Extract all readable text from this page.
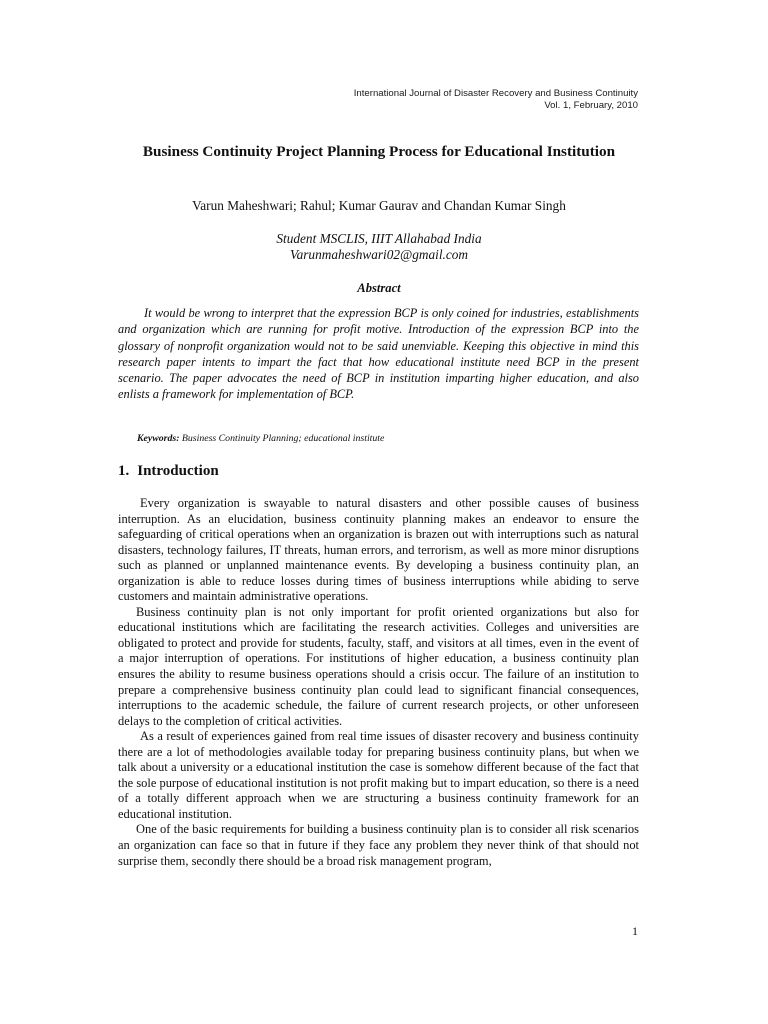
International Journal of Disaster Recovery and Business Continuity
Vol. 1, February, 2010
Business Continuity Project Planning Process for Educational Institution
Varun Maheshwari; Rahul; Kumar Gaurav and Chandan Kumar Singh
Student MSCLIS, IIIT Allahabad India
Varunmaheshwari02@gmail.com
Abstract
It would be wrong to interpret that the expression BCP is only coined for industries, establishments and organization which are running for profit motive. Introduction of the expression BCP into the glossary of nonprofit organization would not to be said unenviable. Keeping this objective in mind this research paper intents to impart the fact that how educational institute need BCP in the present scenario. The paper advocates the need of BCP in institution imparting higher education, and also enlists a framework for implementation of BCP.
Keywords: Business Continuity Planning; educational institute
1. Introduction

Every organization is swayable to natural disasters and other possible causes of business interruption. As an elucidation, business continuity planning makes an endeavor to ensure the safeguarding of critical operations when an organization is brazen out with interruptions such as natural disasters, technology failures, IT threats, human errors, and terrorism, as well as more minor disruptions such as planned or unplanned maintenance events. By developing a business continuity plan, an organization is able to reduce losses during times of business interruptions while abiding to serve customers and maintain administrative operations.

Business continuity plan is not only important for profit oriented organizations but also for educational institutions which are facilitating the research activities. Colleges and universities are obligated to protect and provide for students, faculty, staff, and visitors at all times, even in the event of a major interruption of operations. For institutions of higher education, a business continuity plan ensures the ability to resume business operations should a crisis occur. The failure of an institution to prepare a comprehensive business continuity plan could lead to significant financial consequences, interruptions to the academic schedule, the failure of current research projects, or other unforeseen delays to the completion of critical activities.

As a result of experiences gained from real time issues of disaster recovery and business continuity there are a lot of methodologies available today for preparing business continuity plans, but when we talk about a university or a educational institution the case is somehow different because of the fact that the sole purpose of educational institution is not profit making but to impart education, so there is a need of a totally different approach when we are structuring a business continuity framework for an educational institution.

One of the basic requirements for building a business continuity plan is to consider all risk scenarios an organization can face so that in future if they face any problem they never think of that should not surprise them, secondly there should be a broad risk management program,

1
